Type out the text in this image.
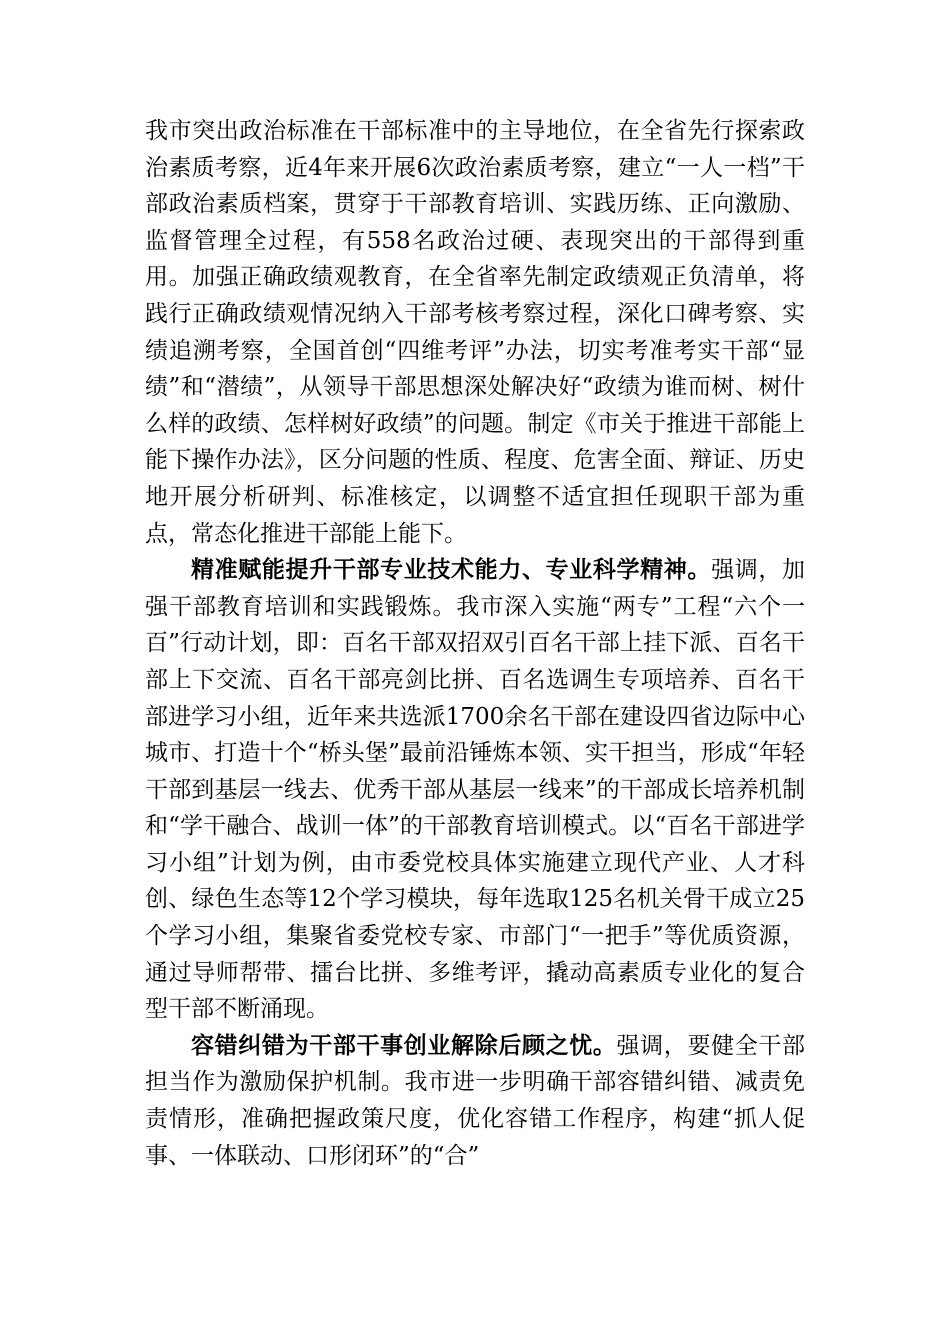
我市突出政治标准在干部标准中的主导地位，在全省先行探索政治素质考察，近4年来开展6次政治素质考察，建立“一人一档”干部政治素质档案，贯穿于干部教育培训、实践历练、正向激励、监督管理全过程，有558名政治过硬、表现突出的干部得到重用。加强正确政绩观教育，在全省率先制定政绩观正负清单，将践行正确政绩观情况纳入干部考核考察过程，深化口碑考察、实绩追溯考察，全国首创“四维考评”办法，切实考准考实干部“显绩”和“潜绩”，从领导干部思想深处解决好“政绩为谁而树、树什么样的政绩、怎样树好政绩”的问题。制定《市关于推进干部能上能下操作办法》，区分问题的性质、程度、危害全面、辩证、历史地开展分析研判、标准核定，以调整不适宜担任现职干部为重点，常态化推进干部能上能下。

精准赋能提升干部专业技术能力、专业科学精神。强调，加强干部教育培训和实践锻炼。我市深入实施“两专”工程“六个一百”行动计划，即：百名干部双招双引百名干部上挂下派、百名干部上下交流、百名干部亮剑比拼、百名选调生专项培养、百名干部进学习小组，近年来共选派1700余名干部在建设四省边际中心城市、打造十个“桥头堡”最前沿锤炼本领、实干担当，形成“年轻干部到基层一线去、优秀干部从基层一线来”的干部成长培养机制和“学干融合、战训一体”的干部教育培训模式。以“百名干部进学习小组”计划为例，由市委党校具体实施建立现代产业、人才科创、绿色生态等12个学习模块，每年选取125名机关骨干成立25个学习小组，集聚省委党校专家、市部门“一把手”等优质资源，通过导师帮带、擂台比拼、多维考评，撬动高素质专业化的复合型干部不断涌现。

容错纠错为干部干事创业解除后顾之忧。强调，要健全干部担当作为激励保护机制。我市进一步明确干部容错纠错、减责免责情形，准确把握政策尺度，优化容错工作程序，构建“抓人促事、一体联动、口形闭环”的“合”
